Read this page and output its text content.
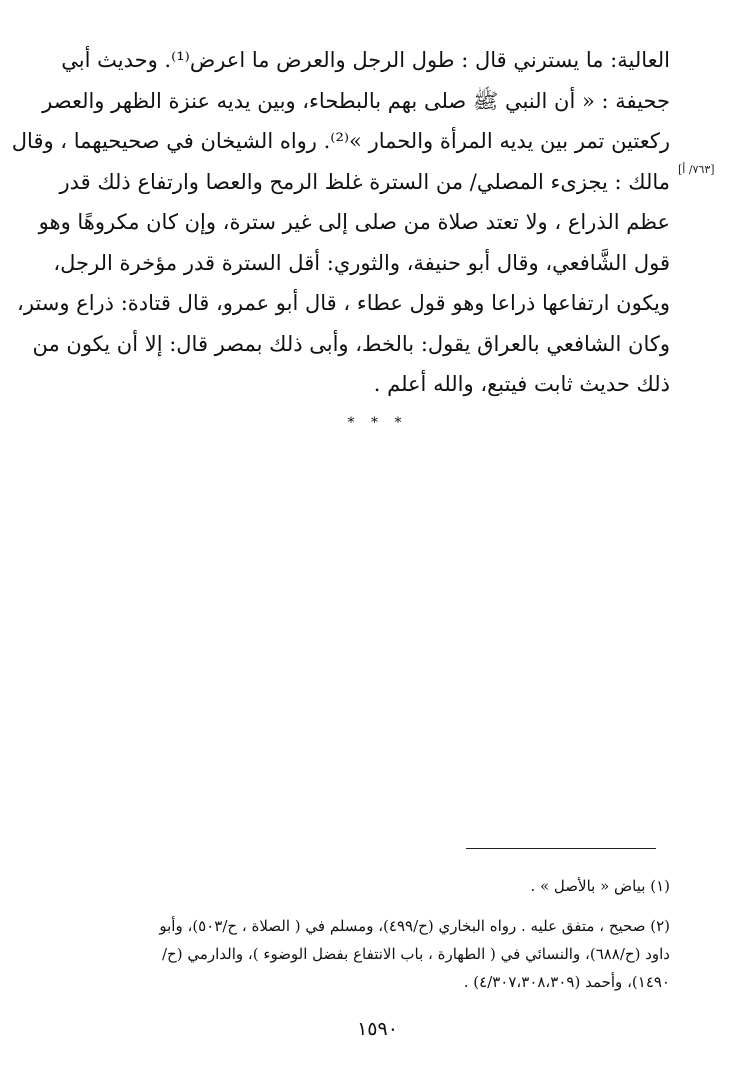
العالية: ما يسترني قال : طول الرجل والعرض ما اعرض⁽¹⁾. وحديث أبي
جحيفة : « أن النبي ﷺ صلى بهم بالبطحاء، وبين يديه عنزة الظهر والعصر
ركعتين تمر بين يديه المرأة والحمار »⁽²⁾. رواه الشيخان في صحيحيهما ، وقال
مالك : يجزىء المصلي/ من السترة غلظ الرمح والعصا وارتفاع ذلك قدر
عظم الذراع ، ولا تعتد صلاة من صلى إلى غير سترة، وإن كان مكروهًا وهو
قول الشَّافعي، وقال أبو حنيفة، والثوري: أقل السترة قدر مؤخرة الرجل،
ويكون ارتفاعها ذراعا وهو قول عطاء ، قال أبو عمرو، قال قتادة: ذراع وستر،
وكان الشافعي بالعراق يقول: بالخط، وأبى ذلك بمصر قال: إلا أن يكون من
ذلك حديث ثابت فيتبع، والله أعلم .
[٧٦٣/ أ]
* * *
(١) بياض « بالأصل » .
(٢) صحيح ، متفق عليه . رواه البخاري (ح/٤٩٩)، ومسلم في ( الصلاة ، ح/٥٠٣)، وأبو
داود (ح/٦٨٨)، والنسائي في ( الطهارة ، باب الانتفاع بفضل الوضوء )، والدارمي (ح/
١٤٩٠)، وأحمد (٤/٣٠٧،٣٠٨،٣٠٩) .
١٥٩٠
